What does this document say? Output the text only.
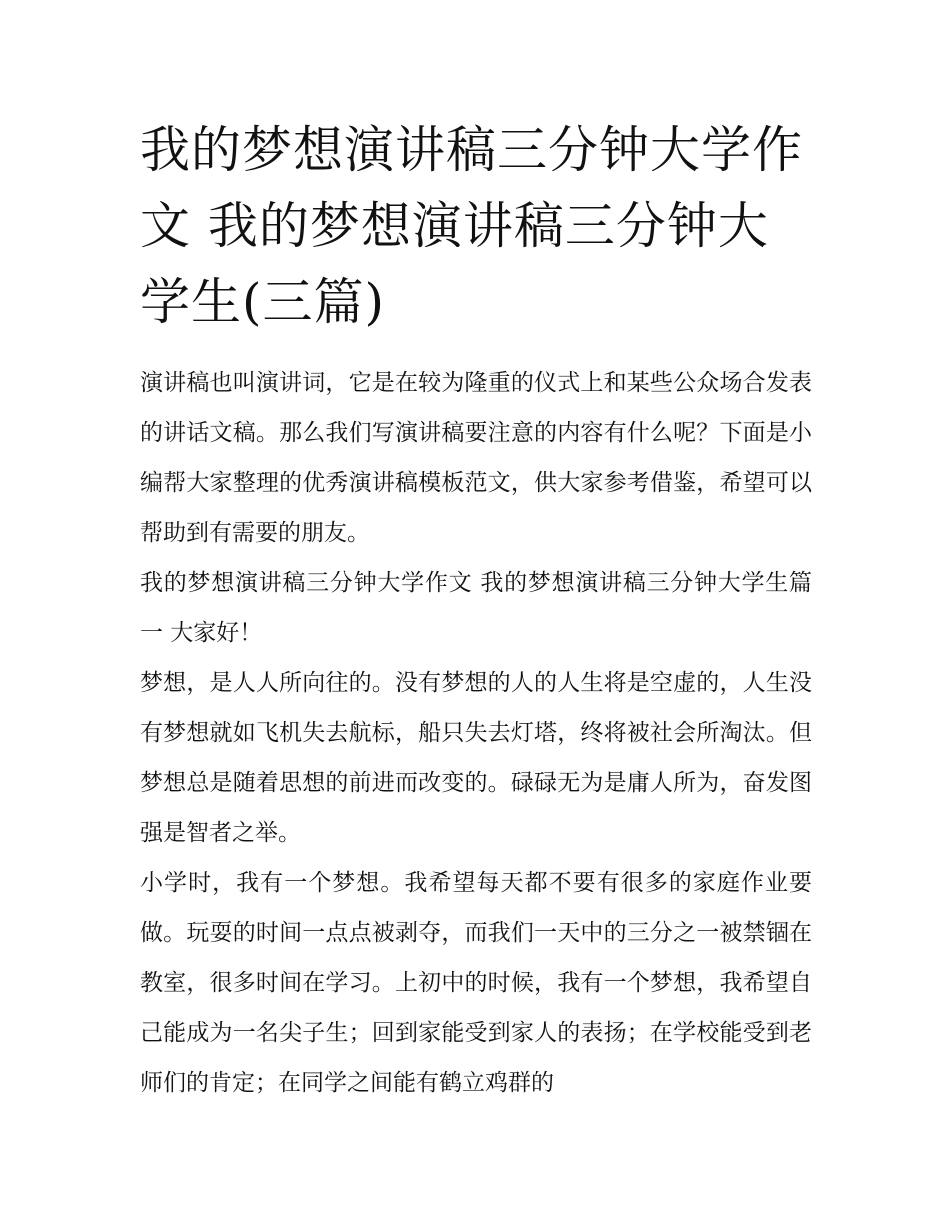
我的梦想演讲稿三分钟大学作文 我的梦想演讲稿三分钟大学生(三篇)

演讲稿也叫演讲词，它是在较为隆重的仪式上和某些公众场合发表的讲话文稿。那么我们写演讲稿要注意的内容有什么呢？下面是小编帮大家整理的优秀演讲稿模板范文，供大家参考借鉴，希望可以帮助到有需要的朋友。

我的梦想演讲稿三分钟大学作文 我的梦想演讲稿三分钟大学生篇一 大家好！

梦想，是人人所向往的。没有梦想的人的人生将是空虚的，人生没有梦想就如飞机失去航标，船只失去灯塔，终将被社会所淘汰。但梦想总是随着思想的前进而改变的。碌碌无为是庸人所为，奋发图强是智者之举。

小学时，我有一个梦想。我希望每天都不要有很多的家庭作业要做。玩耍的时间一点点被剥夺，而我们一天中的三分之一被禁锢在教室，很多时间在学习。上初中的时候，我有一个梦想，我希望自己能成为一名尖子生；回到家能受到家人的表扬；在学校能受到老师们的肯定；在同学之间能有鹤立鸡群的
